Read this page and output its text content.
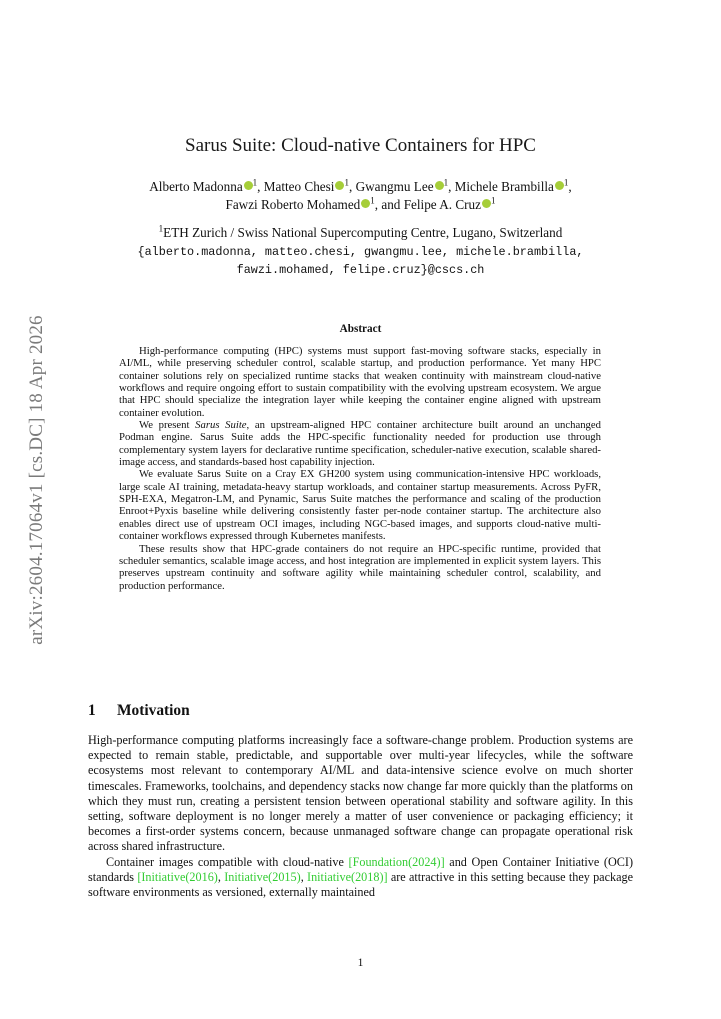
arXiv:2604.17064v1 [cs.DC] 18 Apr 2026
Sarus Suite: Cloud-native Containers for HPC
Alberto Madonna $^1$, Matteo Chesi $^1$, Gwangmu Lee $^1$, Michele Brambilla $^1$,
Fawzi Roberto Mohamed $^1$, and Felipe A. Cruz $^1$
$^1$ETH Zurich / Swiss National Supercomputing Centre, Lugano, Switzerland
{alberto.madonna, matteo.chesi, gwangmu.lee, michele.brambilla,
fawzi.mohamed, felipe.cruz}@cscs.ch
Abstract

High-performance computing (HPC) systems must support fast-moving software stacks, especially in AI/ML, while preserving scheduler control, scalable startup, and production performance. Yet many HPC container solutions rely on specialized runtime stacks that weaken continuity with mainstream cloud-native workflows and require ongoing effort to sustain compatibility with the evolving upstream ecosystem. We argue that HPC should specialize the integration layer while keeping the container engine aligned with upstream container evolution.

We present Sarus Suite, an upstream-aligned HPC container architecture built around an unchanged Podman engine. Sarus Suite adds the HPC-specific functionality needed for production use through complementary system layers for declarative runtime specification, scheduler-native execution, scalable shared-image access, and standards-based host capability injection.

We evaluate Sarus Suite on a Cray EX GH200 system using communication-intensive HPC workloads, large scale AI training, metadata-heavy startup workloads, and container startup measurements. Across PyFR, SPH-EXA, Megatron-LM, and Pynamic, Sarus Suite matches the performance and scaling of the production Enroot+Pyxis baseline while delivering consistently faster per-node container startup. The architecture also enables direct use of upstream OCI images, including NGC-based images, and supports cloud-native multi-container workflows expressed through Kubernetes manifests.

These results show that HPC-grade containers do not require an HPC-specific runtime, provided that scheduler semantics, scalable image access, and host integration are implemented in explicit system layers. This preserves upstream continuity and software agility while maintaining scheduler control, scalability, and production performance.

1 Motivation

High-performance computing platforms increasingly face a software-change problem. Production systems are expected to remain stable, predictable, and supportable over multi-year lifecycles, while the software ecosystems most relevant to contemporary AI/ML and data-intensive science evolve on much shorter timescales. Frameworks, toolchains, and dependency stacks now change far more quickly than the platforms on which they must run, creating a persistent tension between operational stability and software agility. In this setting, software deployment is no longer merely a matter of user convenience or packaging efficiency; it becomes a first-order systems concern, because unmanaged software change can propagate operational risk across shared infrastructure.

Container images compatible with cloud-native [Foundation(2024)] and Open Container Initiative (OCI) standards [Initiative(2016), Initiative(2015), Initiative(2018)] are attractive in this setting because they package software environments as versioned, externally maintained

1
